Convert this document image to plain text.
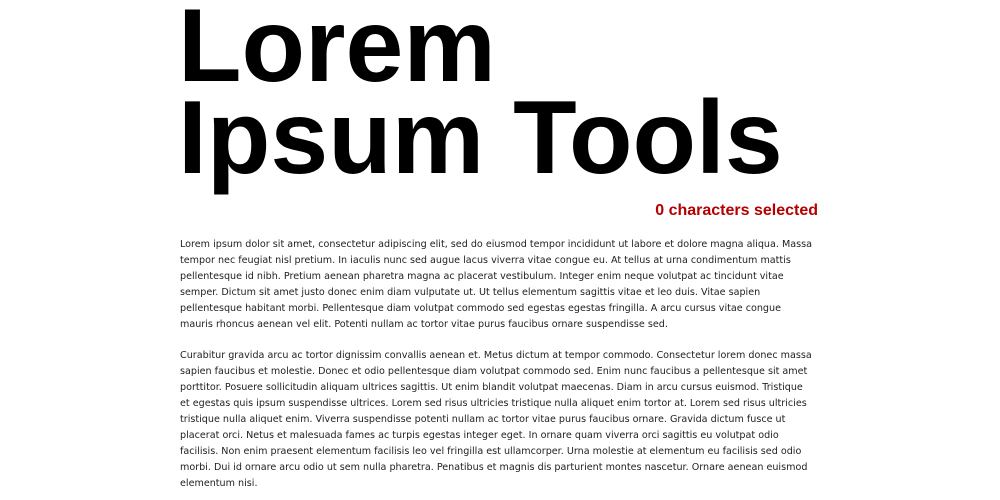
Lorem
Ipsum Tools
0 characters selected

Lorem ipsum dolor sit amet, consectetur adipiscing elit, sed do eiusmod tempor incididunt ut labore et dolore magna aliqua. Massa tempor nec feugiat nisl pretium. In iaculis nunc sed augue lacus viverra vitae congue eu. At tellus at urna condimentum mattis pellentesque id nibh. Pretium aenean pharetra magna ac placerat vestibulum. Integer enim neque volutpat ac tincidunt vitae semper. Dictum sit amet justo donec enim diam vulputate ut. Ut tellus elementum sagittis vitae et leo duis. Vitae sapien pellentesque habitant morbi. Pellentesque diam volutpat commodo sed egestas egestas fringilla. A arcu cursus vitae congue mauris rhoncus aenean vel elit. Potenti nullam ac tortor vitae purus faucibus ornare suspendisse sed.

Curabitur gravida arcu ac tortor dignissim convallis aenean et. Metus dictum at tempor commodo. Consectetur lorem donec massa sapien faucibus et molestie. Donec et odio pellentesque diam volutpat commodo sed. Enim nunc faucibus a pellentesque sit amet porttitor. Posuere sollicitudin aliquam ultrices sagittis. Ut enim blandit volutpat maecenas. Diam in arcu cursus euismod. Tristique et egestas quis ipsum suspendisse ultrices. Lorem sed risus ultricies tristique nulla aliquet enim tortor at. Lorem sed risus ultricies tristique nulla aliquet enim. Viverra suspendisse potenti nullam ac tortor vitae purus faucibus ornare. Gravida dictum fusce ut placerat orci. Netus et malesuada fames ac turpis egestas integer eget. In ornare quam viverra orci sagittis eu volutpat odio facilisis. Non enim praesent elementum facilisis leo vel fringilla est ullamcorper. Urna molestie at elementum eu facilisis sed odio morbi. Dui id ornare arcu odio ut sem nulla pharetra. Penatibus et magnis dis parturient montes nascetur. Ornare aenean euismod elementum nisi.
